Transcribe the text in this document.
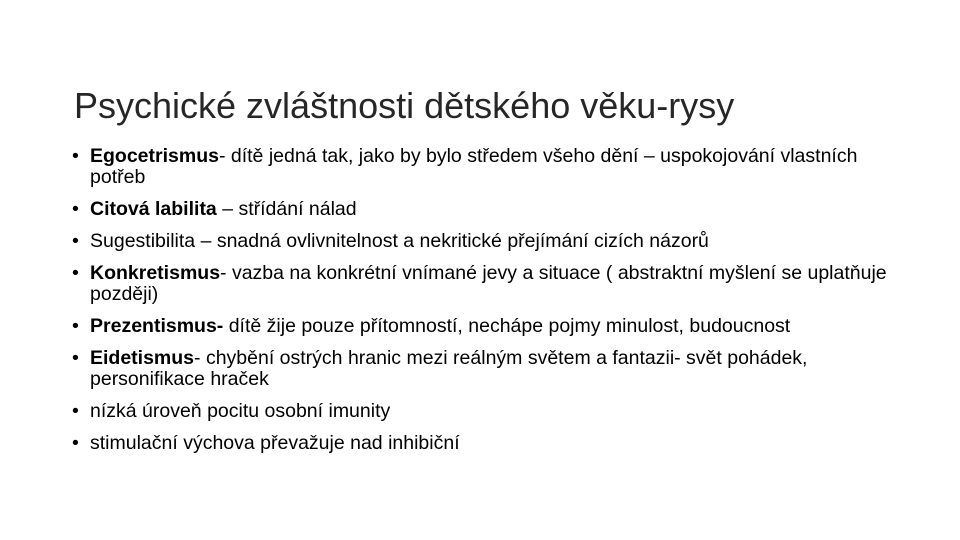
Psychické zvláštnosti dětského věku-rysy
• Egocetrismus- dítě jedná tak, jako by bylo středem všeho dění – uspokojování vlastních potřeb
• Citová labilita – střídání nálad
• Sugestibilita – snadná ovlivnitelnost a nekritické přejímání cizích názorů
• Konkretismus- vazba na konkrétní vnímané jevy a situace ( abstraktní myšlení se uplatňuje později)
• Prezentismus- dítě žije pouze přítomností, nechápe pojmy minulost, budoucnost
• Eidetismus- chybění ostrých hranic mezi reálným světem a fantazii- svět pohádek, personifikace hraček
• nízká úroveň pocitu osobní imunity
• stimulační výchova převažuje nad inhibiční
